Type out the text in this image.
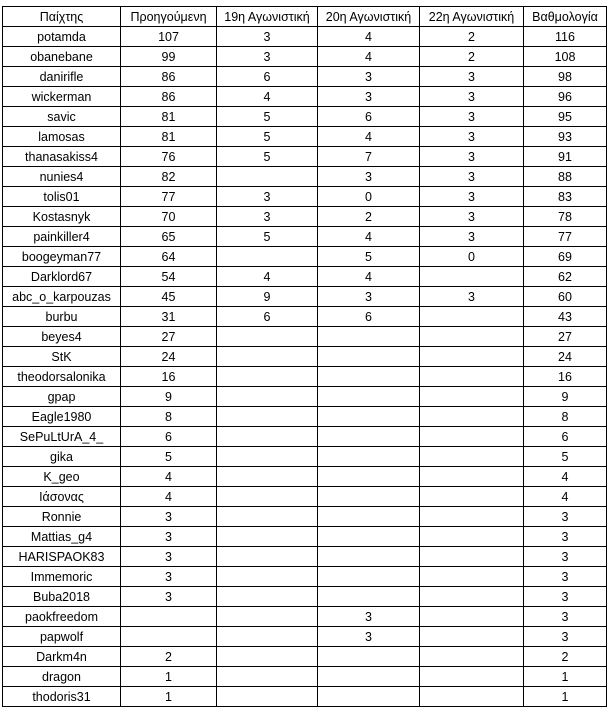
Παίχτης	Προηγούμενη	19η Αγωνιστική	20η Αγωνιστική	22η Αγωνιστική	Βαθμολογία
potamda	107	3	4	2	116
obanebane	99	3	4	2	108
danirifle	86	6	3	3	98
wickerman	86	4	3	3	96
savic	81	5	6	3	95
lamosas	81	5	4	3	93
thanasakiss4	76	5	7	3	91
nunies4	82		3	3	88
tolis01	77	3	0	3	83
Kostasnyk	70	3	2	3	78
painkiller4	65	5	4	3	77
boogeyman77	64		5	0	69
Darklord67	54	4	4		62
abc_o_karpouzas	45	9	3	3	60
burbu	31	6	6		43
beyes4	27				27
StK	24				24
theodorsalonika	16				16
gpap	9				9
Eagle1980	8				8
SePuLtUrA_4_	6				6
gika	5				5
K_geo	4				4
Ιάσονας	4				4
Ronnie	3				3
Mattias_g4	3				3
HARISPAOK83	3				3
Immemoric	3				3
Buba2018	3				3
paokfreedom			3		3
papwolf			3		3
Darkm4n	2				2
dragon	1				1
thodoris31	1				1
